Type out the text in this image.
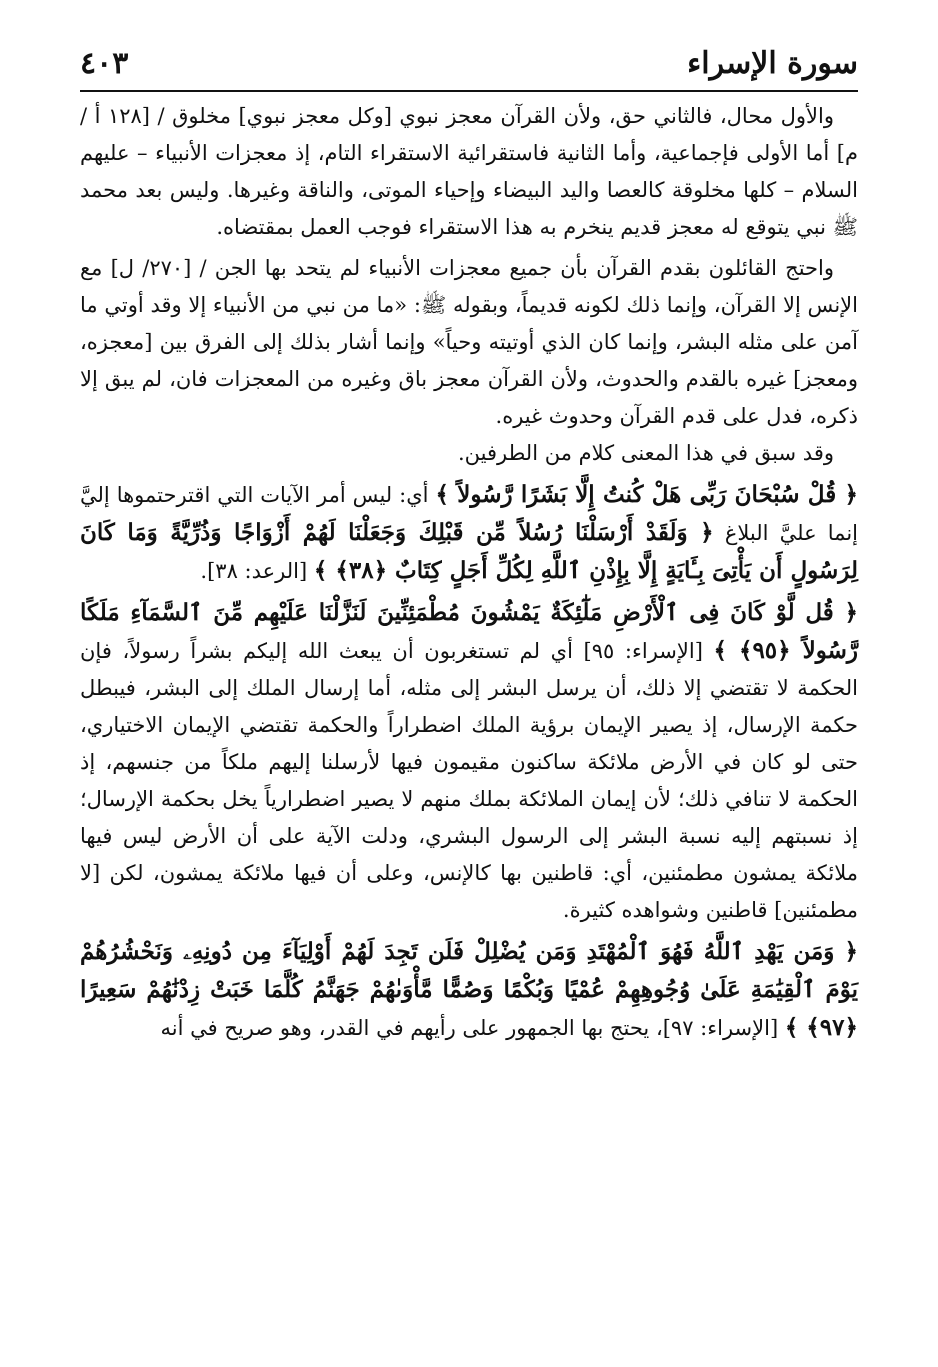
سورة الإسراء
٤٠٣

والأول محال، فالثاني حق، ولأن القرآن معجز نبوي [وكل معجز نبوي] مخلوق / [١٢٨ أ /م] أما الأولى فإجماعية، وأما الثانية فاستقرائية الاستقراء التام، إذ معجزات الأنبياء – عليهم السلام – كلها مخلوقة كالعصا واليد البيضاء وإحياء الموتى، والناقة وغيرها. وليس بعد محمد ﷺ نبي يتوقع له معجز قديم ينخرم به هذا الاستقراء فوجب العمل بمقتضاه.

واحتج القائلون بقدم القرآن بأن جميع معجزات الأنبياء لم يتحد بها الجن / [٢٧٠/ ل] مع الإنس إلا القرآن، وإنما ذلك لكونه قديماً، وبقوله ﷺ: «ما من نبي من الأنبياء إلا وقد أوتي ما آمن على مثله البشر، وإنما كان الذي أوتيته وحياً» وإنما أشار بذلك إلى الفرق بين [معجزه، ومعجز] غيره بالقدم والحدوث، ولأن القرآن معجز باق وغيره من المعجزات فان، لم يبق إلا ذكره، فدل على قدم القرآن وحدوث غيره.

وقد سبق في هذا المعنى كلام من الطرفين.

﴿ قُلْ سُبْحَانَ رَبِّى هَلْ كُنتُ إِلَّا بَشَرًا رَّسُولاً ﴾ أي: ليس أمر الآيات التي اقترحتموها إليَّ إنما عليَّ البلاغ ﴿ وَلَقَدْ أَرْسَلْنَا رُسُلاً مِّن قَبْلِكَ وَجَعَلْنَا لَهُمْ أَزْوَاجًا وَذُرِّيَّةً وَمَا كَانَ لِرَسُولٍ أَن يَأْتِىَ بِـَٔايَةٍ إِلَّا بِإِذْنِ ٱللَّهِ لِكُلِّ أَجَلٍ كِتَابٌ ﴿٣٨﴾ ﴾ [الرعد: ٣٨].

﴿ قُل لَّوْ كَانَ فِى ٱلْأَرْضِ مَلَٰٓئِكَةٌ يَمْشُونَ مُطْمَئِنِّينَ لَنَزَّلْنَا عَلَيْهِم مِّنَ ٱلسَّمَآءِ مَلَكًا رَّسُولاً ﴿٩٥﴾ ﴾ [الإسراء: ٩٥] أي لم تستغربون أن يبعث الله إليكم بشراً رسولاً، فإن الحكمة لا تقتضي إلا ذلك، أن يرسل البشر إلى مثله، أما إرسال الملك إلى البشر، فيبطل حكمة الإرسال، إذ يصير الإيمان برؤية الملك اضطراراً والحكمة تقتضي الإيمان الاختياري، حتى لو كان في الأرض ملائكة ساكنون مقيمون فيها لأرسلنا إليهم ملكاً من جنسهم، إذ الحكمة لا تنافي ذلك؛ لأن إيمان الملائكة بملك منهم لا يصير اضطرارياً يخل بحكمة الإرسال؛ إذ نسبتهم إليه نسبة البشر إلى الرسول البشري، ودلت الآية على أن الأرض ليس فيها ملائكة يمشون مطمئنين، أي: قاطنين بها كالإنس، وعلى أن فيها ملائكة يمشون، لكن [لا مطمئنين] قاطنين وشواهده كثيرة.

﴿ وَمَن يَهْدِ ٱللَّهُ فَهُوَ ٱلْمُهْتَدِ وَمَن يُضْلِلْ فَلَن تَجِدَ لَهُمْ أَوْلِيَآءَ مِن دُونِهِۦ وَنَحْشُرُهُمْ يَوْمَ ٱلْقِيَٰمَةِ عَلَىٰ وُجُوهِهِمْ عُمْيًا وَبُكْمًا وَصُمًّا مَّأْوَىٰهُمْ جَهَنَّمُ كُلَّمَا خَبَتْ زِدْنَٰهُمْ سَعِيرًا ﴿٩٧﴾ ﴾ [الإسراء: ٩٧]، يحتج بها الجمهور على رأيهم في القدر، وهو صريح في أنه
